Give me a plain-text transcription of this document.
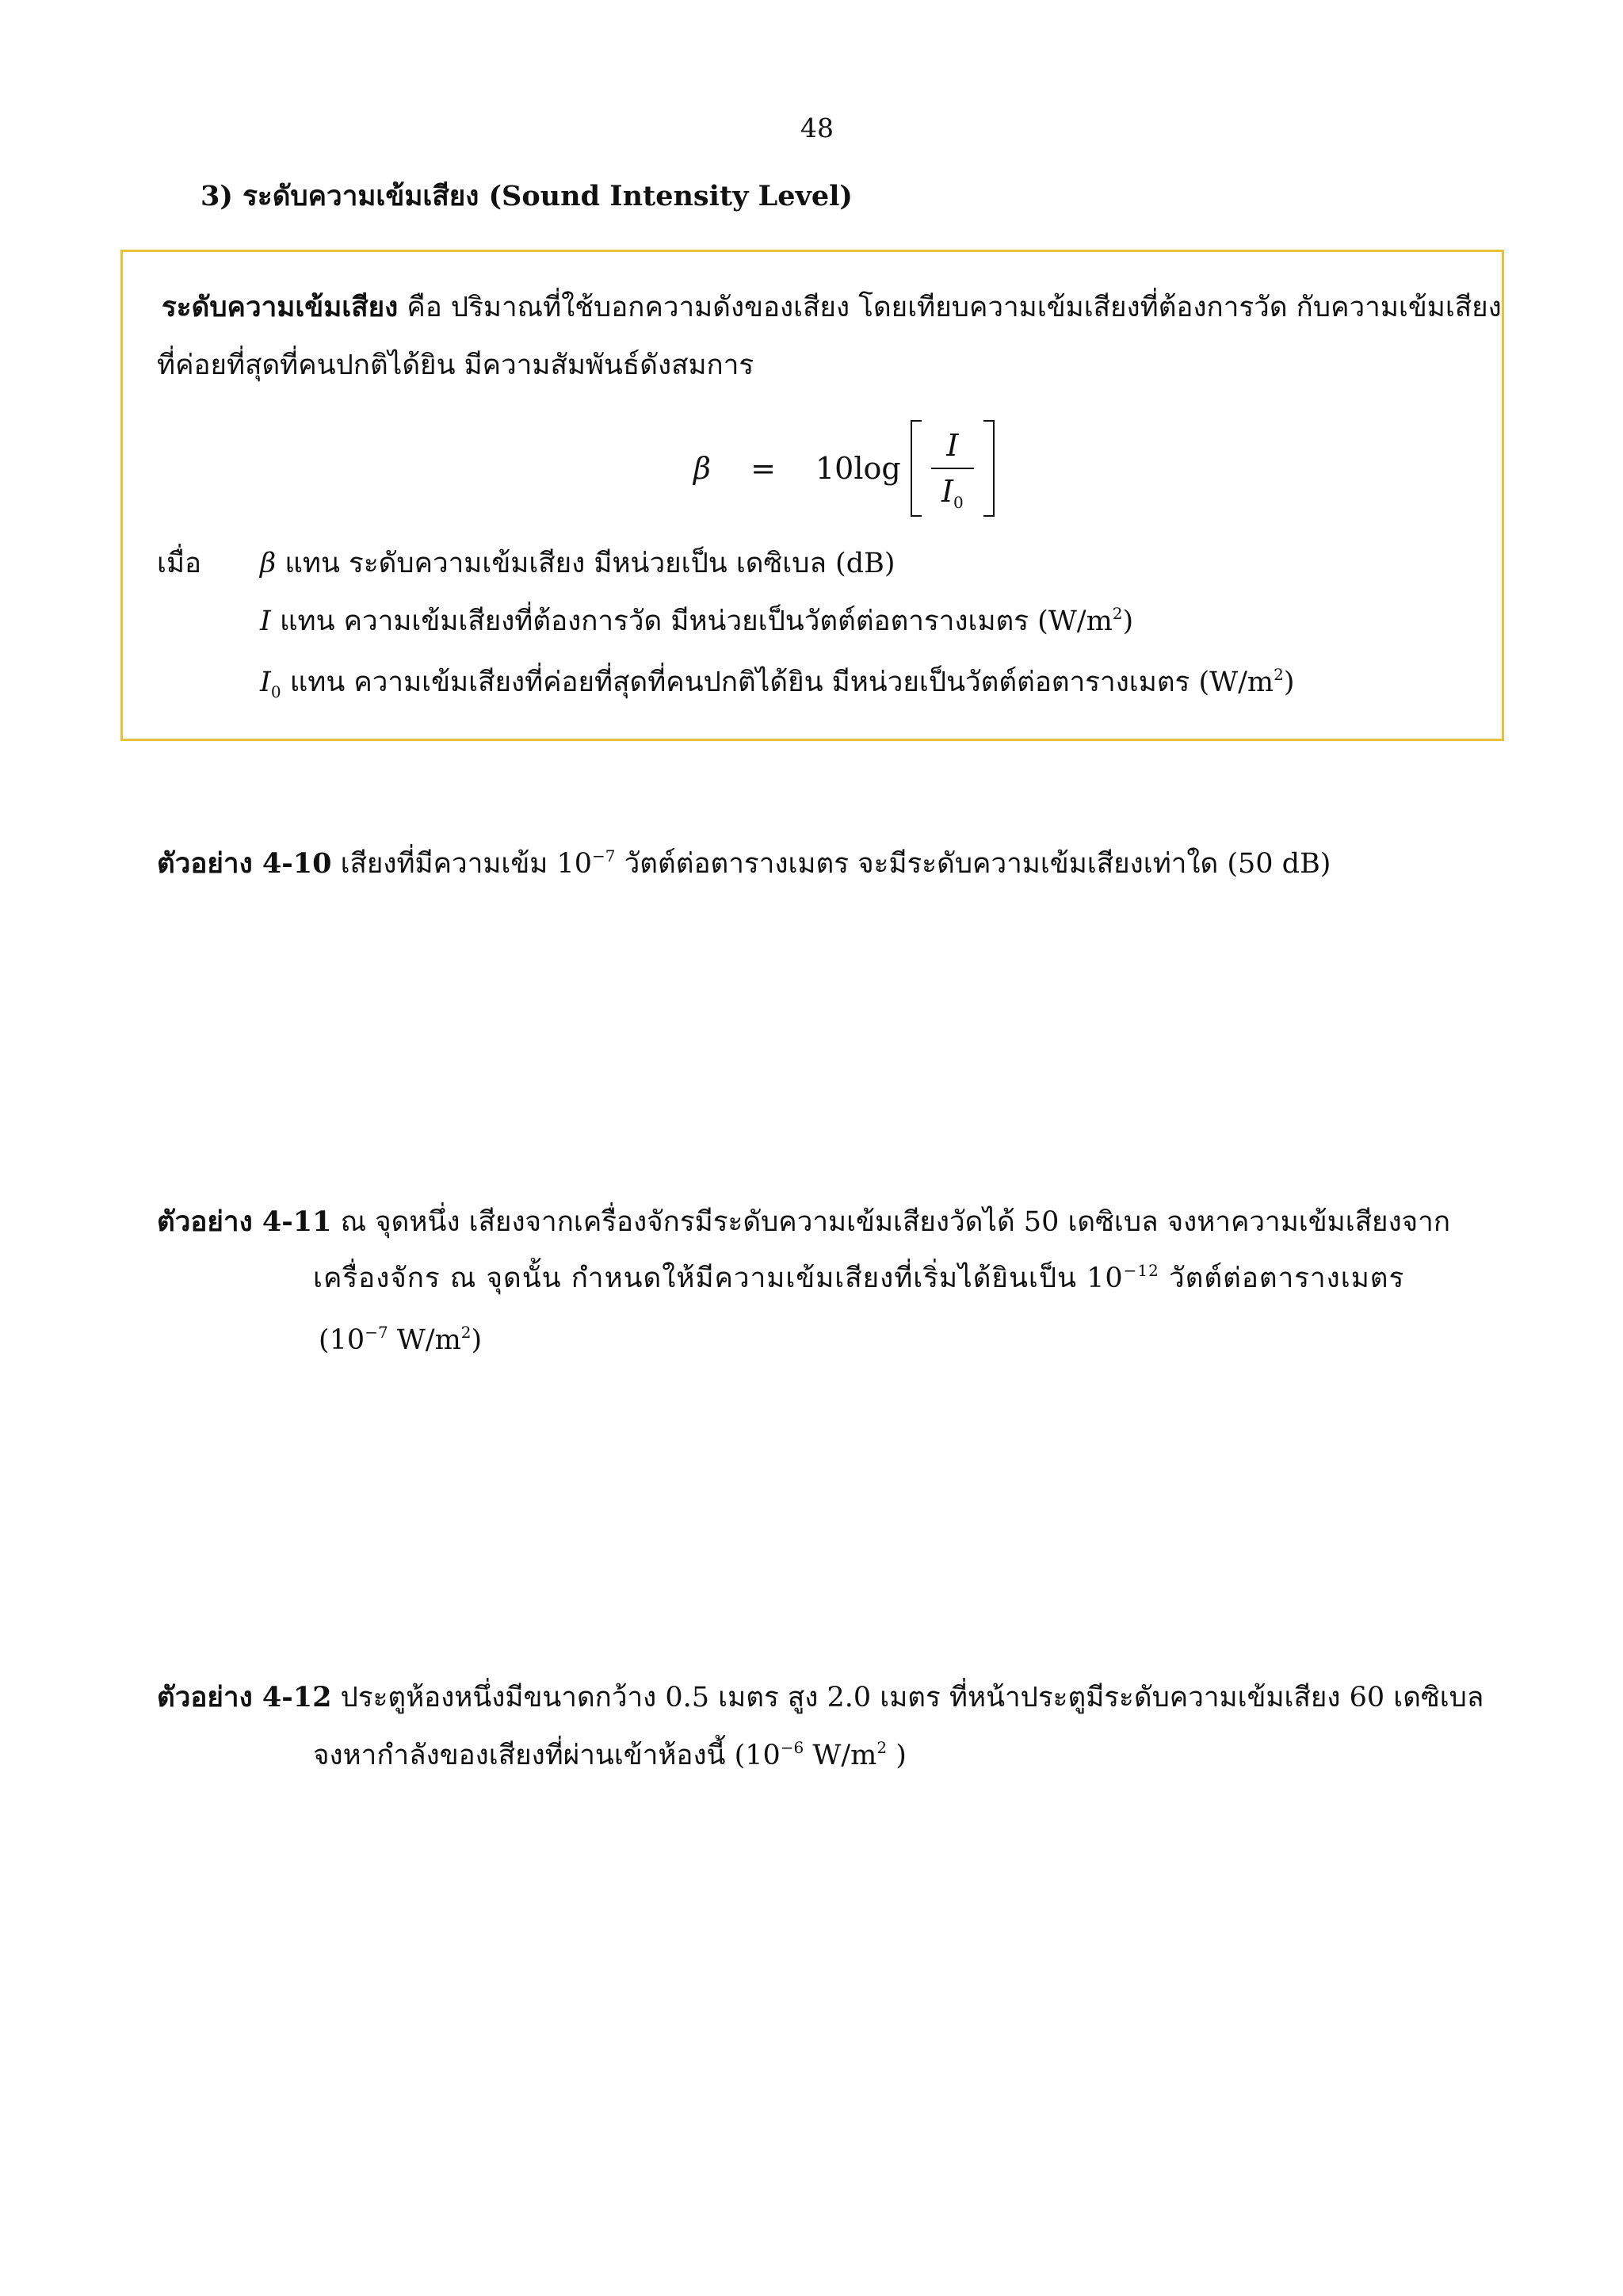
48
3) ระดับความเข้มเสียง (Sound Intensity Level)
ระดับความเข้มเสียง คือ ปริมาณที่ใช้บอกความดังของเสียง โดยเทียบความเข้มเสียงที่ต้องการวัด กับความเข้มเสียง
ที่ค่อยที่สุดที่คนปกติได้ยิน มีความสัมพันธ์ดังสมการ
$\beta = 10\log \frac{I}{I_0}$

เมื่อ β แทน ระดับความเข้มเสียง มีหน่วยเป็น เดซิเบล (dB)
I แทน ความเข้มเสียงที่ต้องการวัด มีหน่วยเป็นวัตต์ต่อตารางเมตร $(W/m^2)$
$I_0$ แทน ความเข้มเสียงที่ค่อยที่สุดที่คนปกติได้ยิน มีหน่วยเป็นวัตต์ต่อตารางเมตร $(W/m^2)$
ตัวอย่าง 4-10 เสียงที่มีความเข้ม $10^{-7}$ วัตต์ต่อตารางเมตร จะมีระดับความเข้มเสียงเท่าใด (50 dB)
ตัวอย่าง 4-11 ณ จุดหนึ่ง เสียงจากเครื่องจักรมีระดับความเข้มเสียงวัดได้ 50 เดซิเบล จงหาความเข้มเสียงจาก
เครื่องจักร ณ จุดนั้น กำหนดให้มีความเข้มเสียงที่เริ่มได้ยินเป็น $10^{-12}$ วัตต์ต่อตารางเมตร
($10^{-7}$ $W/m^2$)
ตัวอย่าง 4-12 ประตูห้องหนึ่งมีขนาดกว้าง 0.5 เมตร สูง 2.0 เมตร ที่หน้าประตูมีระดับความเข้มเสียง 60 เดซิเบล
จงหากำลังของเสียงที่ผ่านเข้าห้องนี้ ($10^{-6}$ $W/m^2$ )
